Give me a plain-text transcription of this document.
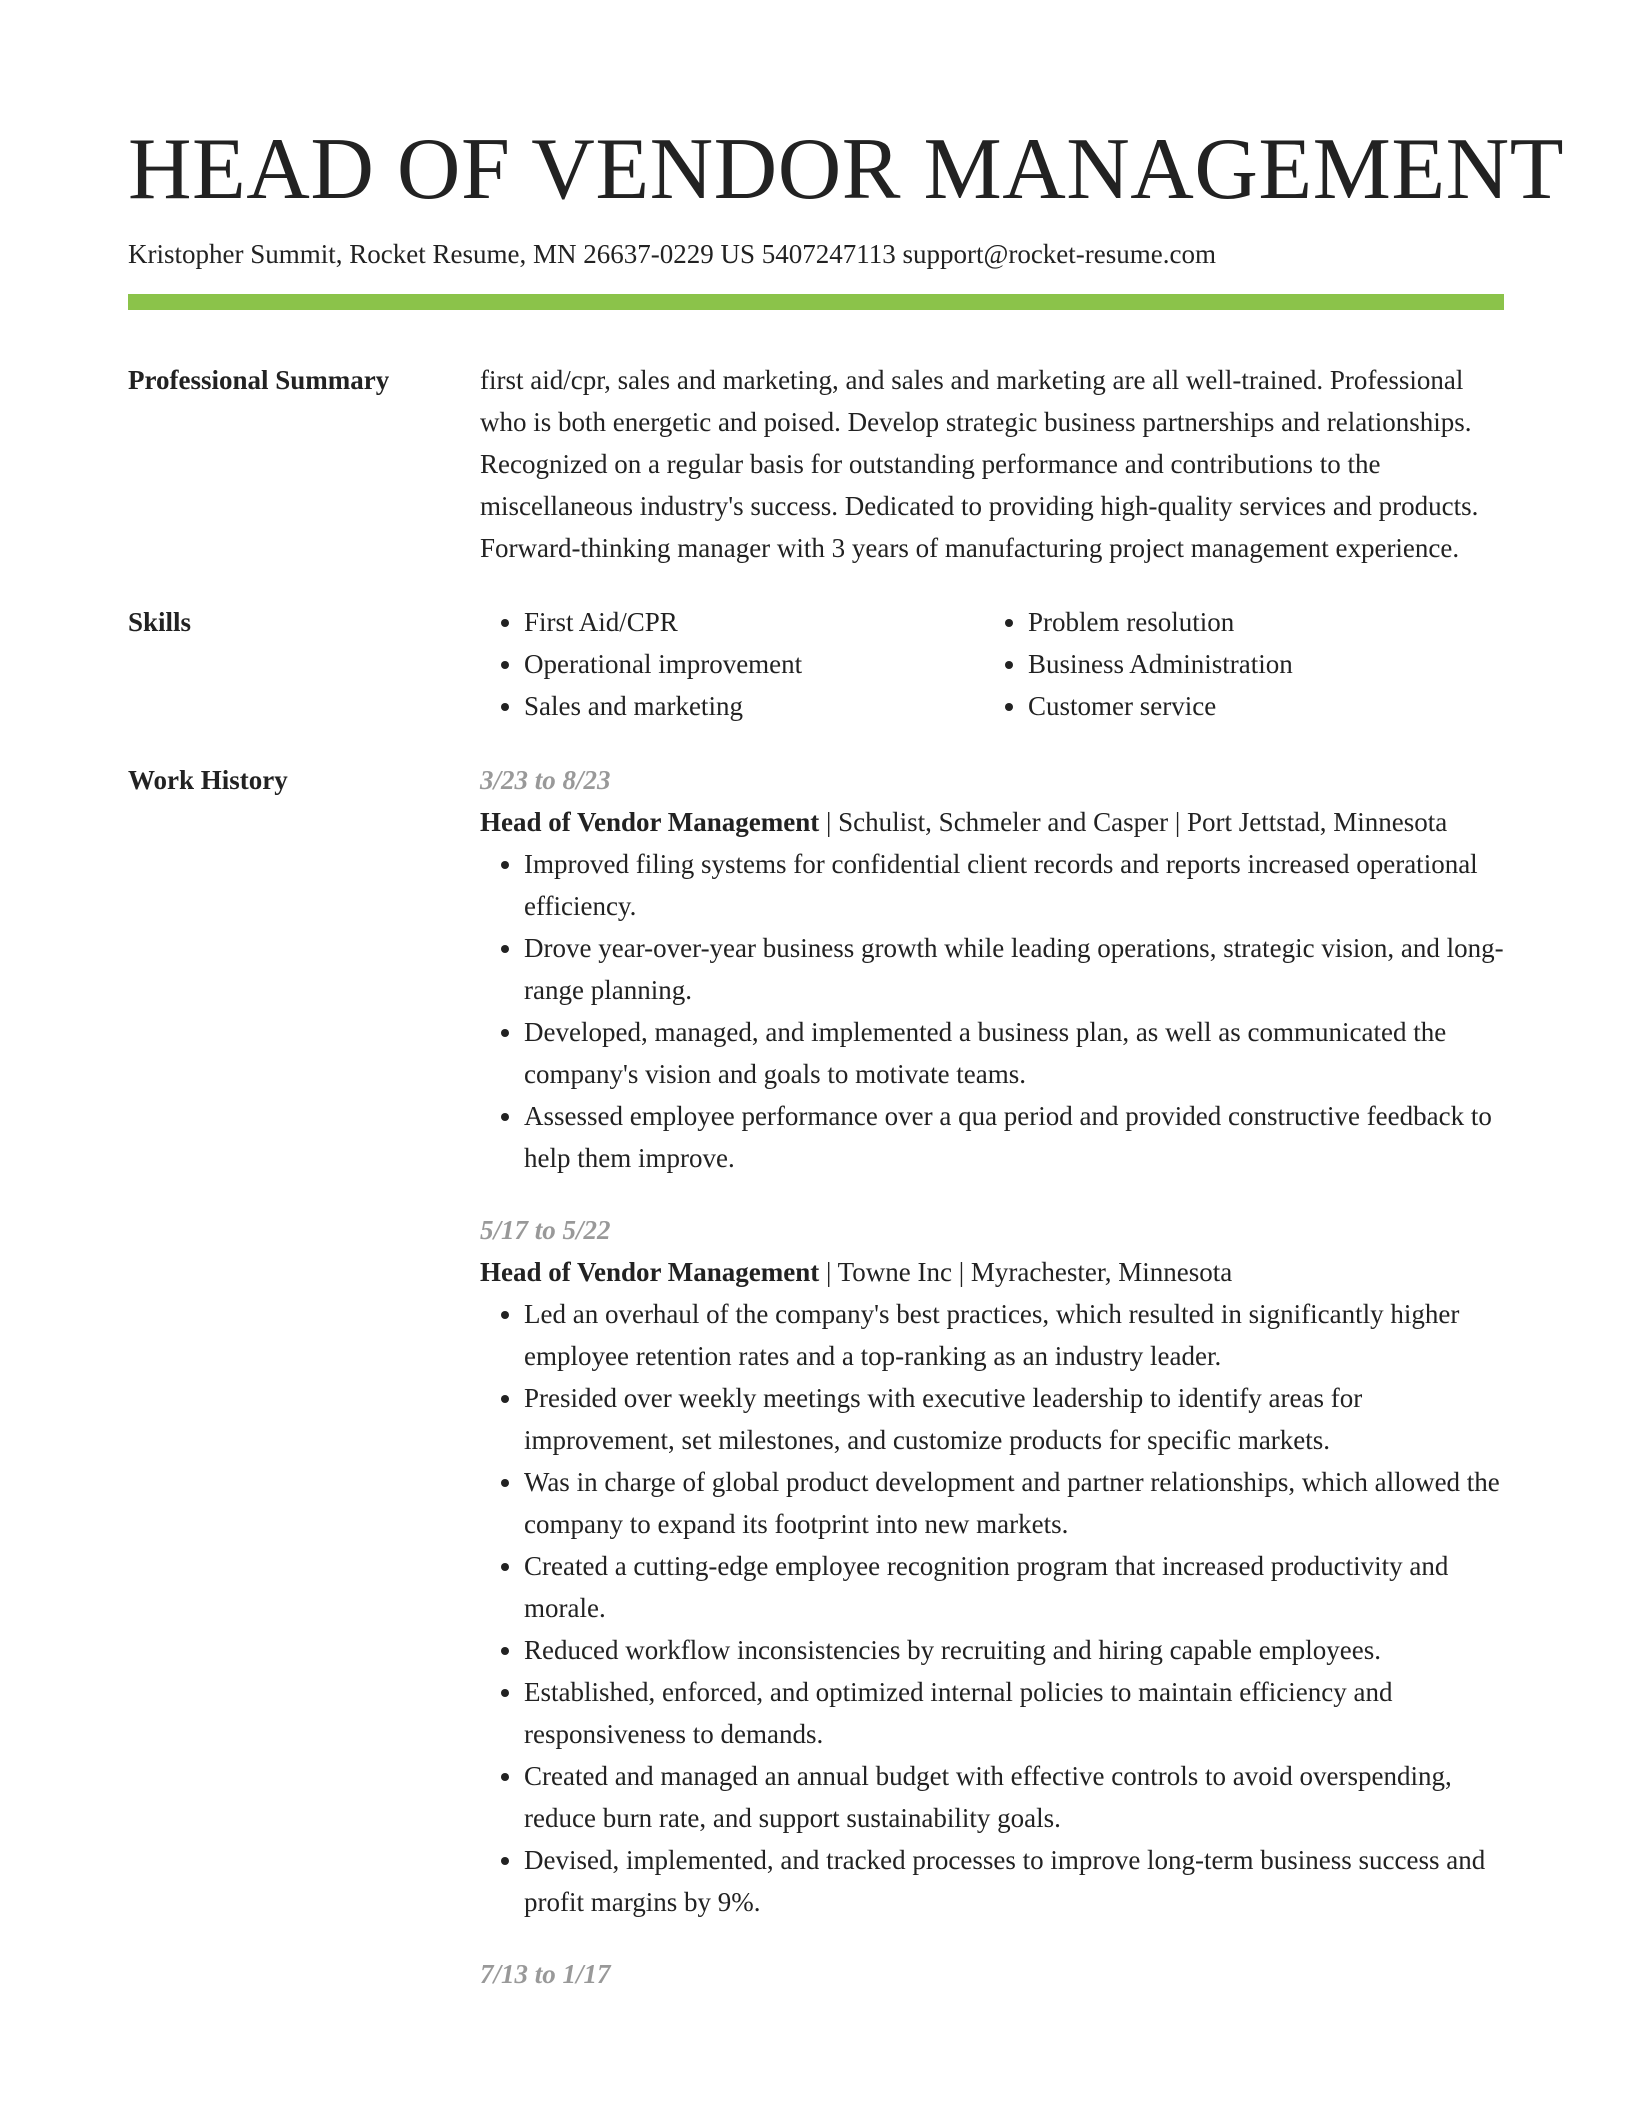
HEAD OF VENDOR MANAGEMENT
Kristopher Summit, Rocket Resume, MN 26637-0229 US 5407247113 support@rocket-resume.com
Professional Summary	first aid/cpr, sales and marketing, and sales and marketing are all well-trained. Professional who is both energetic and poised. Develop strategic business partnerships and relationships. Recognized on a regular basis for outstanding performance and contributions to the miscellaneous industry's success. Dedicated to providing high-quality services and products. Forward-thinking manager with 3 years of manufacturing project management experience.
Skills
•	First Aid/CPR
• Operational improvement
• Sales and marketing
• Problem resolution
• Business Administration
• Customer service
Work History	3/23 to 8/23
Head of Vendor Management | Schulist, Schmeler and Casper | Port Jettstad, Minnesota
• Improved filing systems for confidential client records and reports increased operational efficiency.
• Drove year-over-year business growth while leading operations, strategic vision, and long-range planning.
• Developed, managed, and implemented a business plan, as well as communicated the company's vision and goals to motivate teams.
• Assessed employee performance over a qua period and provided constructive feedback to help them improve.
5/17 to 5/22
Head of Vendor Management | Towne Inc | Myrachester, Minnesota
• Led an overhaul of the company's best practices, which resulted in significantly higher employee retention rates and a top-ranking as an industry leader.
• Presided over weekly meetings with executive leadership to identify areas for improvement, set milestones, and customize products for specific markets.
• Was in charge of global product development and partner relationships, which allowed the company to expand its footprint into new markets.
• Created a cutting-edge employee recognition program that increased productivity and morale.
• Reduced workflow inconsistencies by recruiting and hiring capable employees.
• Established, enforced, and optimized internal policies to maintain efficiency and responsiveness to demands.
• Created and managed an annual budget with effective controls to avoid overspending, reduce burn rate, and support sustainability goals.
• Devised, implemented, and tracked processes to improve long-term business success and profit margins by 9%.
7/13 to 1/17
